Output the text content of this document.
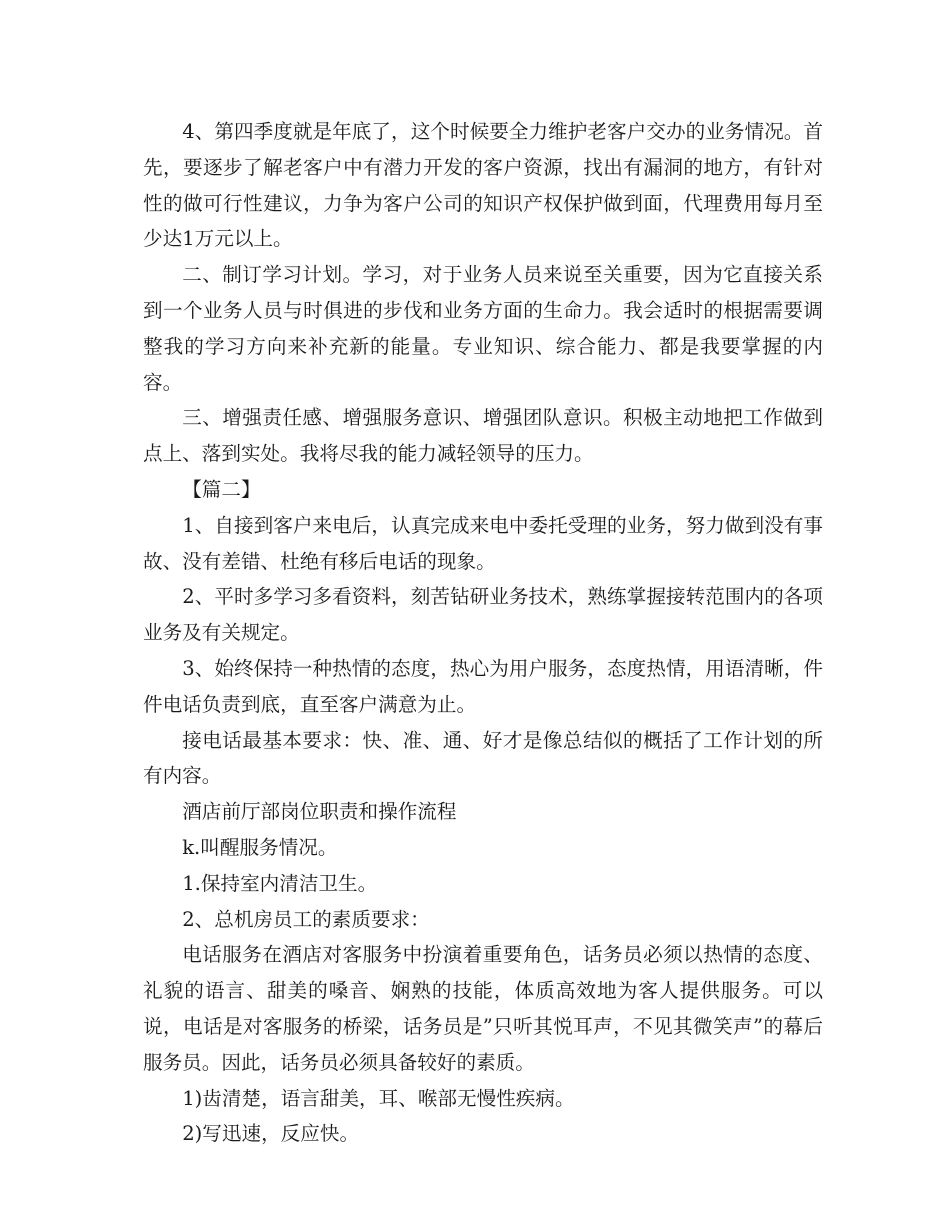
4、第四季度就是年底了，这个时候要全力维护老客户交办的业务情况。首先，要逐步了解老客户中有潜力开发的客户资源，找出有漏洞的地方，有针对性的做可行性建议，力争为客户公司的知识产权保护做到面，代理费用每月至少达1万元以上。

二、制订学习计划。学习，对于业务人员来说至关重要，因为它直接关系到一个业务人员与时俱进的步伐和业务方面的生命力。我会适时的根据需要调整我的学习方向来补充新的能量。专业知识、综合能力、都是我要掌握的内容。

三、增强责任感、增强服务意识、增强团队意识。积极主动地把工作做到点上、落到实处。我将尽我的能力减轻领导的压力。

【篇二】

1、自接到客户来电后，认真完成来电中委托受理的业务，努力做到没有事故、没有差错、杜绝有移后电话的现象。

2、平时多学习多看资料，刻苦钻研业务技术，熟练掌握接转范围内的各项业务及有关规定。

3、始终保持一种热情的态度，热心为用户服务，态度热情，用语清晰，件件电话负责到底，直至客户满意为止。

接电话最基本要求：快、准、通、好才是像总结似的概括了工作计划的所有内容。

酒店前厅部岗位职责和操作流程

k.叫醒服务情况。

1.保持室内清洁卫生。

2、总机房员工的素质要求：

电话服务在酒店对客服务中扮演着重要角色，话务员必须以热情的态度、礼貌的语言、甜美的嗓音、娴熟的技能，体质高效地为客人提供服务。可以说，电话是对客服务的桥梁，话务员是”只听其悦耳声，不见其微笑声”的幕后服务员。因此，话务员必须具备较好的素质。

1)齿清楚，语言甜美，耳、喉部无慢性疾病。

2)写迅速，反应快。
